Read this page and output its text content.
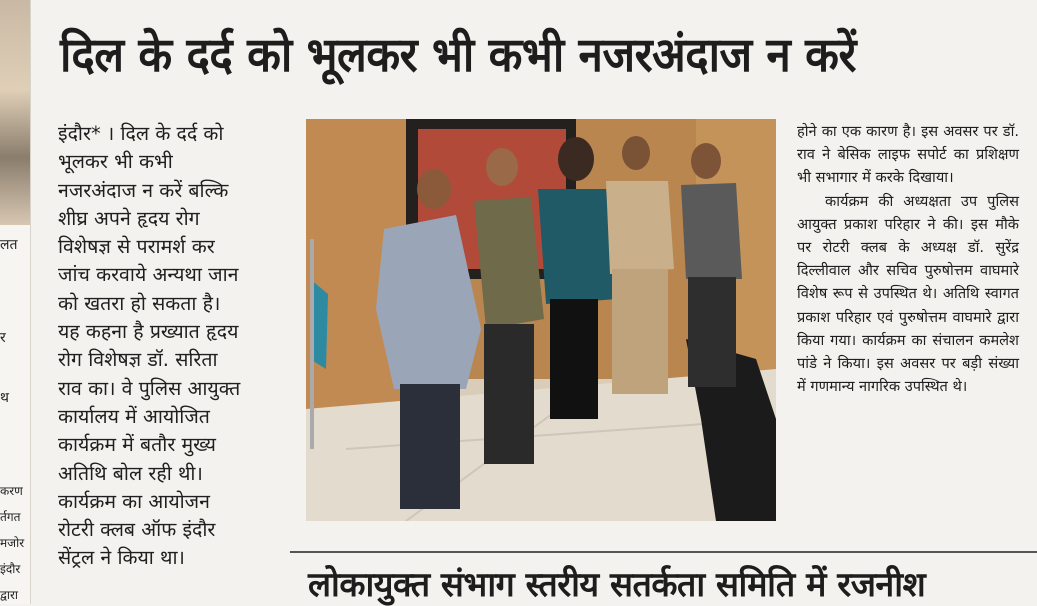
लत
र
थ
करण
र्तगत
मजोर
इंदौर
द्वारा
दिल के दर्द को भूलकर भी कभी नजरअंदाज न करें

इंदौर* । दिल के दर्द को

भूलकर भी कभी

नजरअंदाज न करें बल्कि

शीघ्र अपने हृदय रोग

विशेषज्ञ से परामर्श कर

जांच करवाये अन्यथा जान

को खतरा हो सकता है।

यह कहना है प्रख्यात हृदय

रोग विशेषज्ञ डॉ. सरिता

राव का। वे पुलिस आयुक्त

कार्यालय में आयोजित

कार्यक्रम में बतौर मुख्य

अतिथि बोल रही थी।

कार्यक्रम का आयोजन

रोटरी क्लब ऑफ इंदौर

सेंट्रल ने किया था।

होने का एक कारण है। इस अवसर पर डॉ. राव ने बेसिक लाइफ सपोर्ट का प्रशिक्षण भी सभागार में करके दिखाया।

कार्यक्रम की अध्यक्षता उप पुलिस आयुक्त प्रकाश परिहार ने की। इस मौके पर रोटरी क्लब के अध्यक्ष डॉ. सुरेंद्र दिल्लीवाल और सचिव पुरुषोत्तम वाघमारे विशेष रूप से उपस्थित थे। अतिथि स्वागत प्रकाश परिहार एवं पुरुषोत्तम वाघमारे द्वारा किया गया। कार्यक्रम का संचालन कमलेश पांडे ने किया। इस अवसर पर बड़ी संख्या में गणमान्य नागरिक उपस्थित थे।

लोकायुक्त संभाग स्तरीय सतर्कता समिति में रजनीश
